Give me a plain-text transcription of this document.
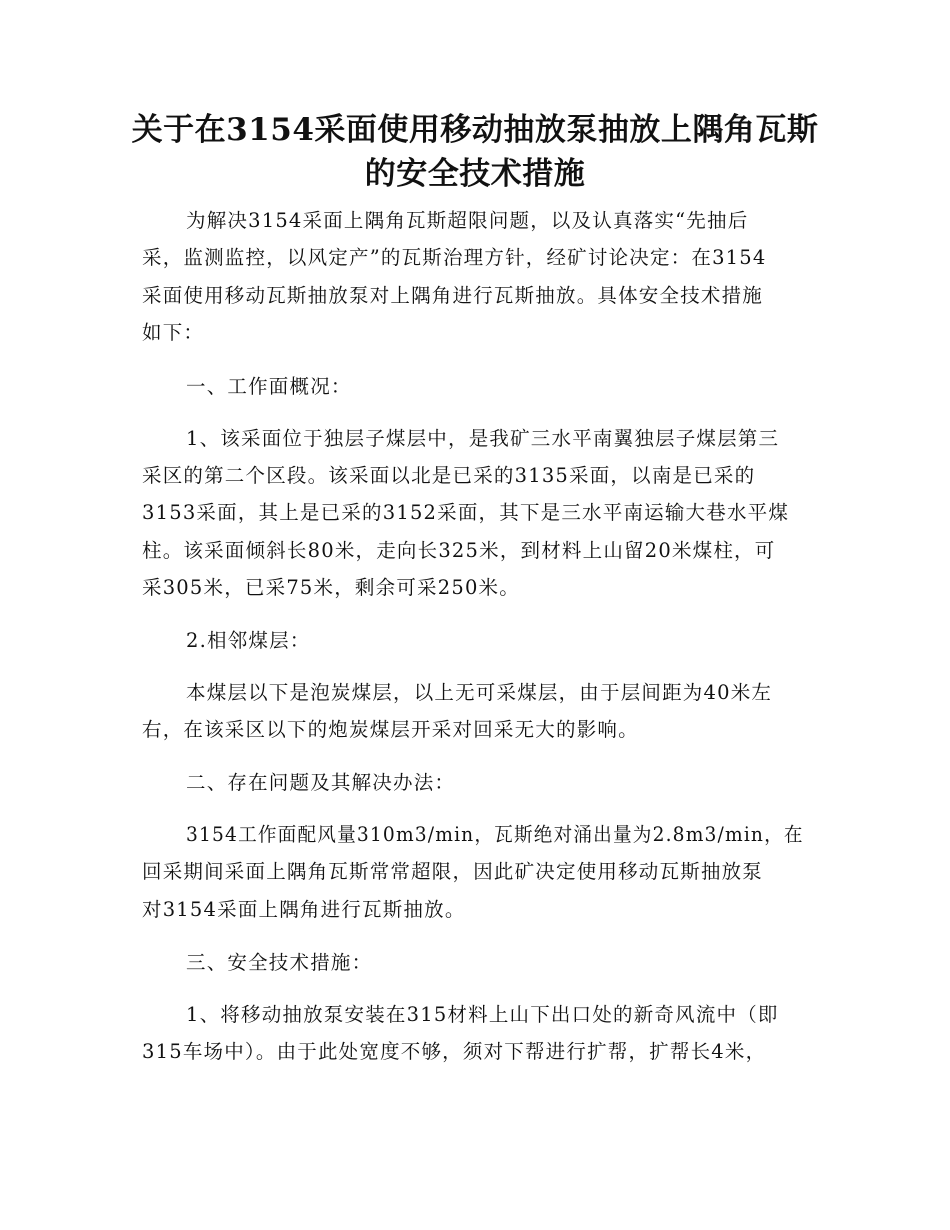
关于在3154采面使用移动抽放泵抽放上隅角瓦斯
的安全技术措施
为解决3154采面上隅角瓦斯超限问题，以及认真落实“先抽后
采，监测监控，以风定产”的瓦斯治理方针，经矿讨论决定：在3154
采面使用移动瓦斯抽放泵对上隅角进行瓦斯抽放。具体安全技术措施
如下：
一、工作面概况：
1、该采面位于独层子煤层中，是我矿三水平南翼独层子煤层第三
采区的第二个区段。该采面以北是已采的3135采面，以南是已采的
3153采面，其上是已采的3152采面，其下是三水平南运输大巷水平煤
柱。该采面倾斜长80米，走向长325米，到材料上山留20米煤柱，可
采305米，已采75米，剩余可采250米。
2.相邻煤层：
本煤层以下是泡炭煤层，以上无可采煤层，由于层间距为40米左
右，在该采区以下的炮炭煤层开采对回采无大的影响。
二、存在问题及其解决办法：
3154工作面配风量310m3/min，瓦斯绝对涌出量为2.8m3/min，在
回采期间采面上隅角瓦斯常常超限，因此矿决定使用移动瓦斯抽放泵
对3154采面上隅角进行瓦斯抽放。
三、安全技术措施：
1、将移动抽放泵安装在315材料上山下出口处的新奇风流中（即
315车场中）。由于此处宽度不够，须对下帮进行扩帮，扩帮长4米，
